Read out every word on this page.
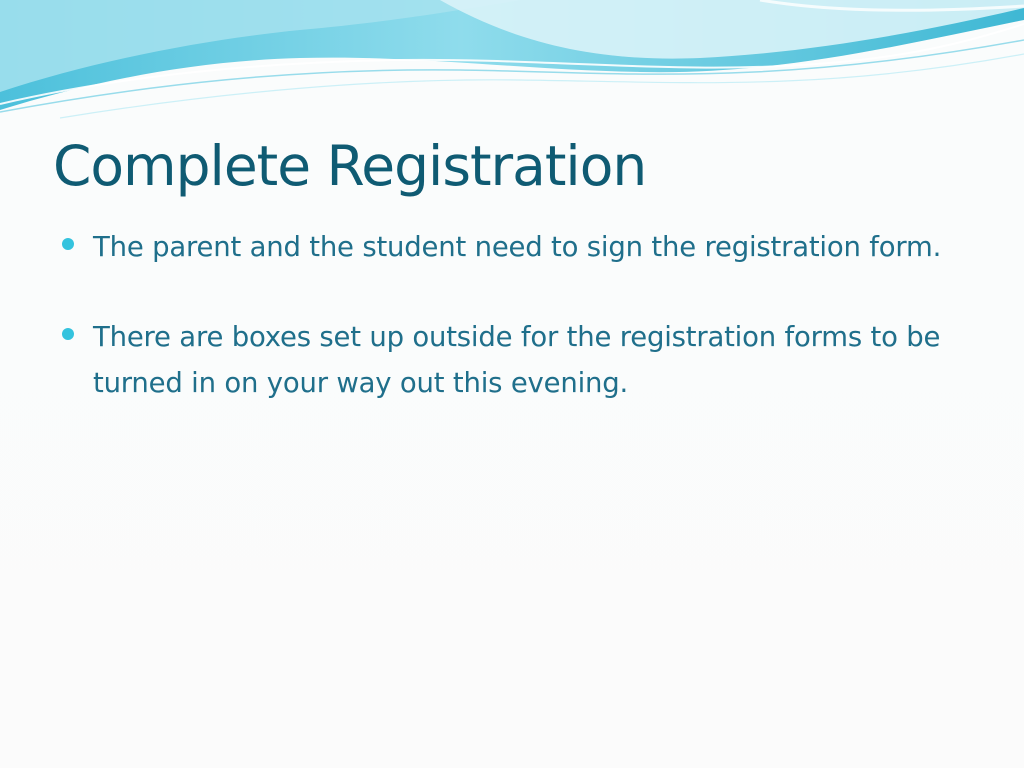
Complete Registration
The parent and the student need to sign the registration form.
There are boxes set up outside for the registration forms to be turned in on your way out this evening.
